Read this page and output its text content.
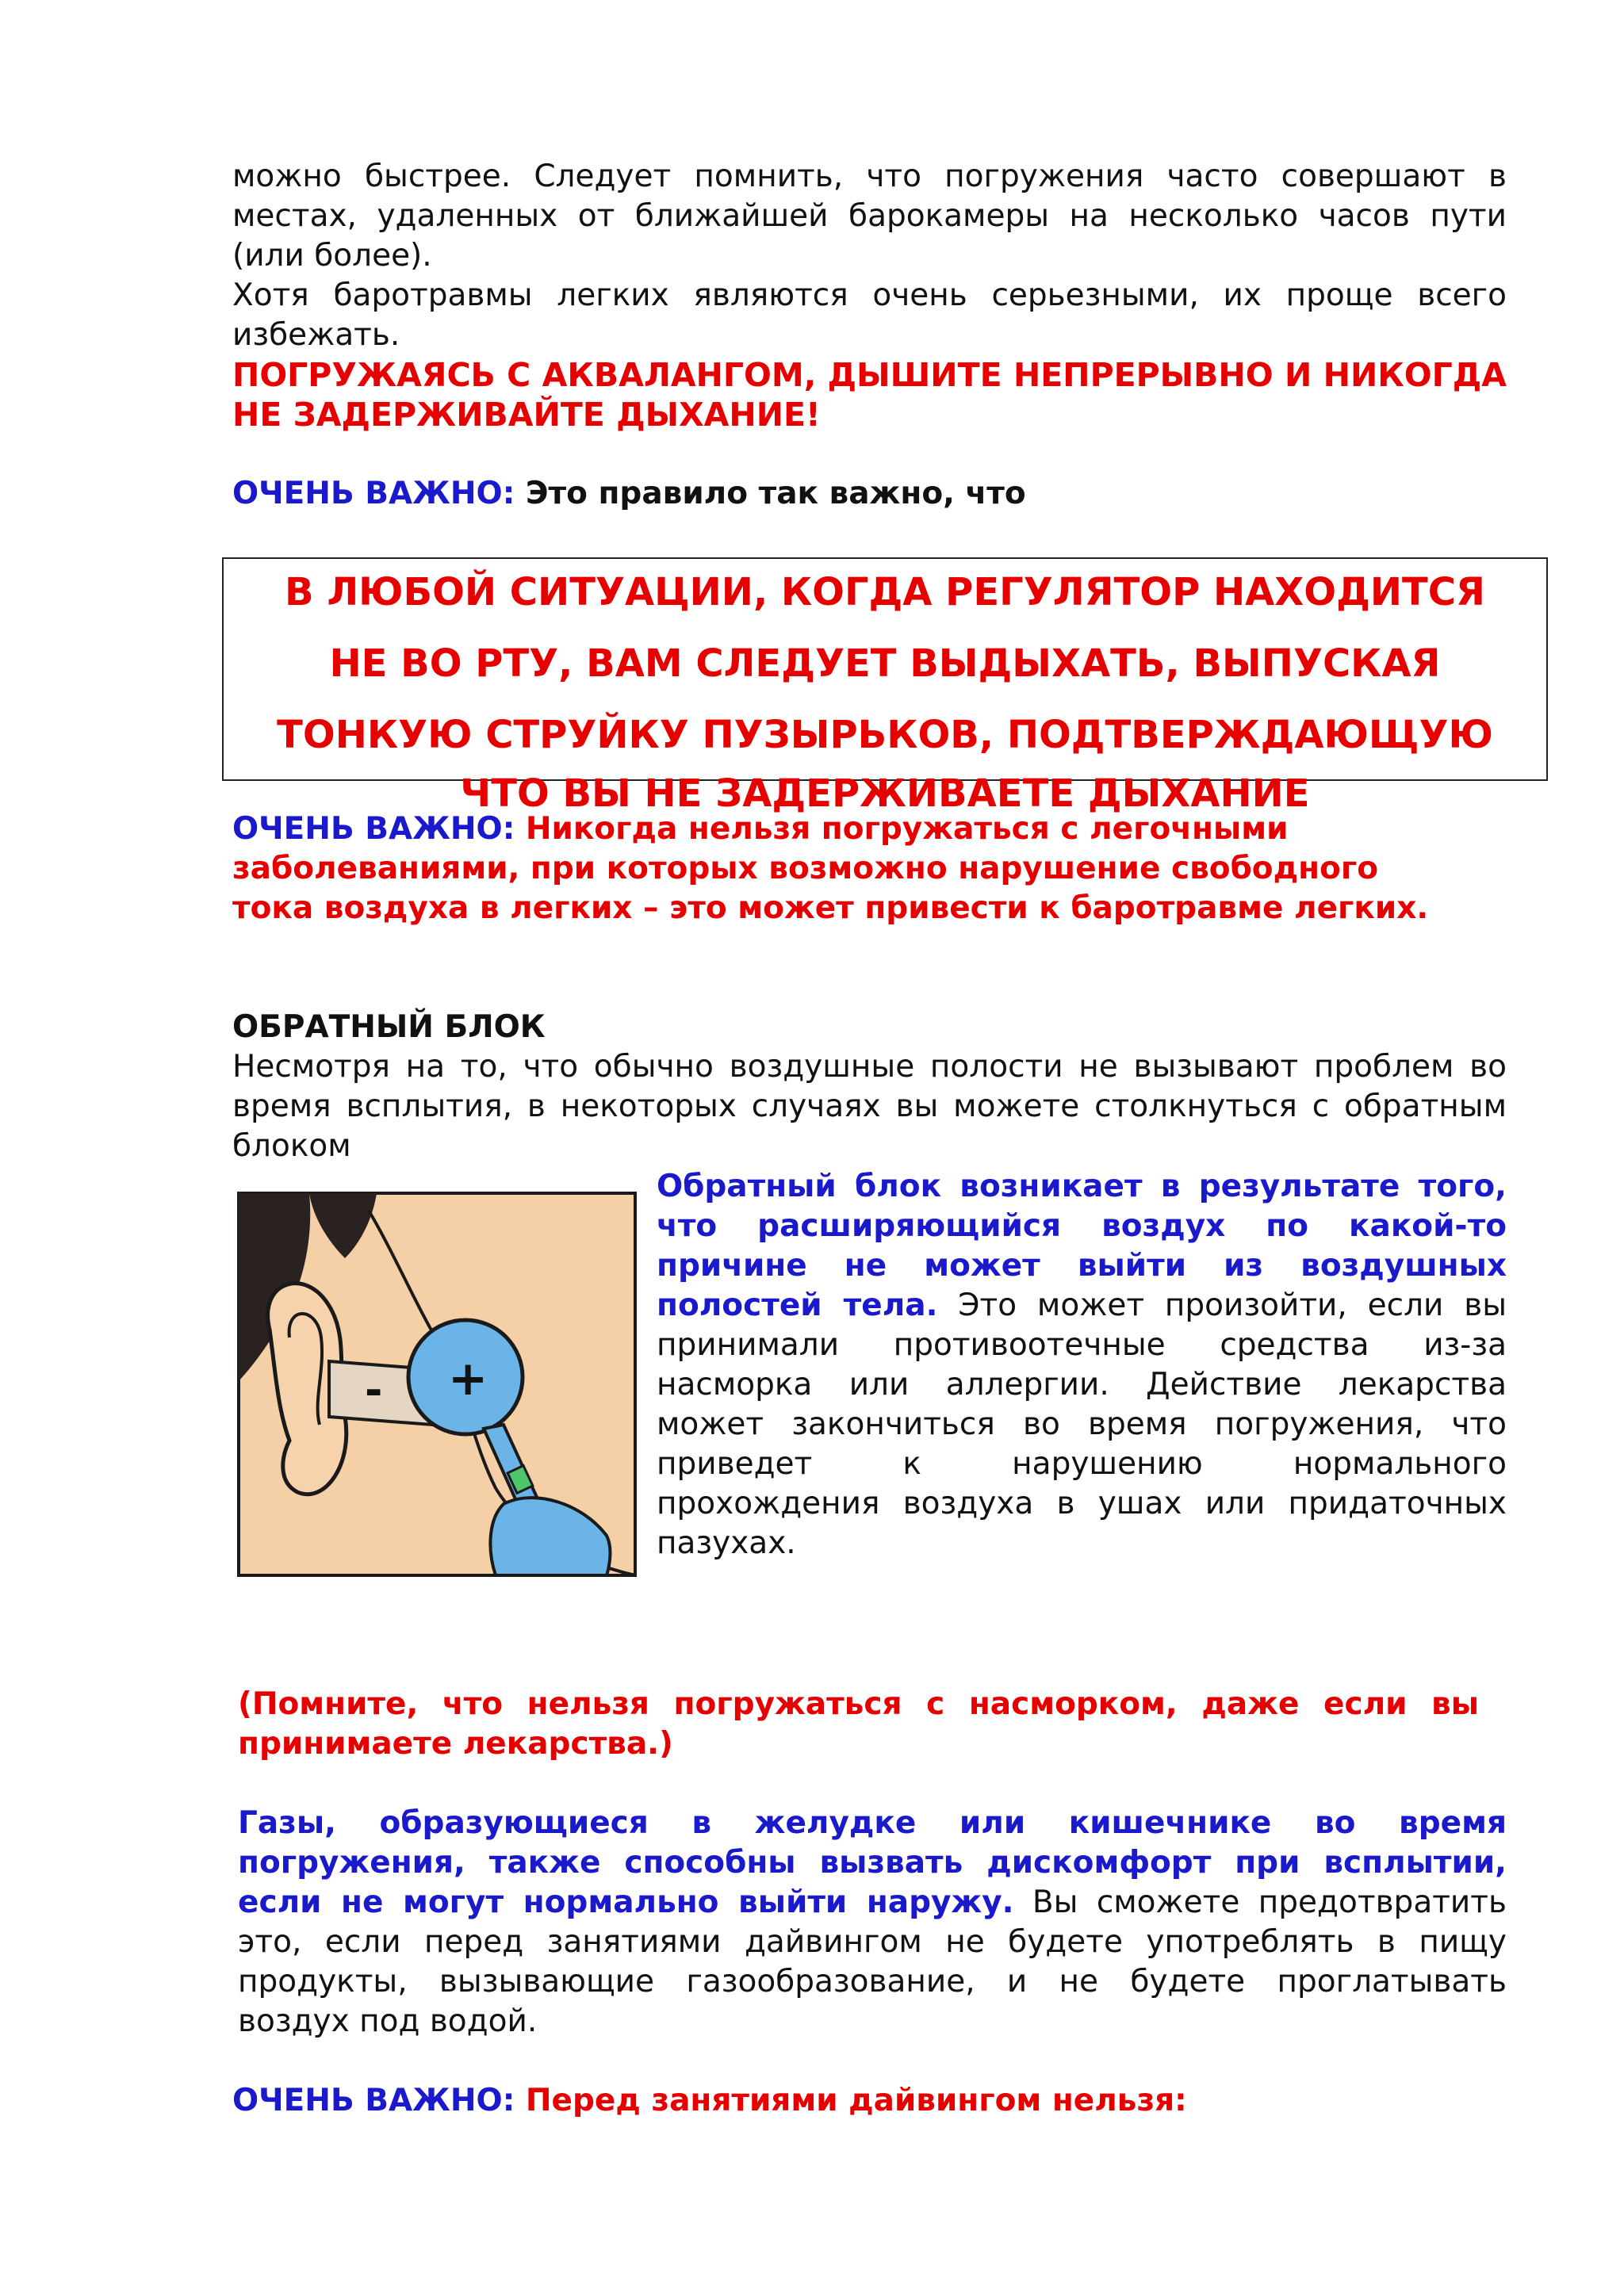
можно быстрее. Следует помнить, что погружения часто совершают в
местах, удаленных от ближайшей барокамеры на несколько часов пути
(или более).
Хотя баротравмы легких являются очень серьезными, их проще всего
избежать.
ПОГРУЖАЯСЬ С АКВАЛАНГОМ, ДЫШИТЕ НЕПРЕРЫВНО И НИКОГДА
НЕ ЗАДЕРЖИВАЙТЕ ДЫХАНИЕ!
ОЧЕНЬ ВАЖНО: Это правило так важно, что
В ЛЮБОЙ СИТУАЦИИ, КОГДА РЕГУЛЯТОР НАХОДИТСЯ
НЕ ВО РТУ, ВАМ СЛЕДУЕТ ВЫДЫХАТЬ, ВЫПУСКАЯ
ТОНКУЮ СТРУЙКУ ПУЗЫРЬКОВ, ПОДТВЕРЖДАЮЩУЮ
ЧТО ВЫ НЕ ЗАДЕРЖИВАЕТЕ ДЫХАНИЕ
ОЧЕНЬ ВАЖНО: Никогда нельзя погружаться с легочными
заболеваниями, при которых возможно нарушение свободного
тока воздуха в легких – это может привести к баротравме легких.
ОБРАТНЫЙ БЛОК
Несмотря на то, что обычно воздушные полости не вызывают проблем во
время всплытия, в некоторых случаях вы можете столкнуться с обратным
блоком
- +
Обратный блок возникает в результате того,
что расширяющийся воздух по какой-то
причине не может выйти из воздушных
полостей тела. Это может произойти, если вы
принимали противоотечные средства из-за
насморка или аллергии. Действие лекарства
может закончиться во время погружения, что
приведет к нарушению нормального
прохождения воздуха в ушах или придаточных
пазухах.
(Помните, что нельзя погружаться с насморком, даже если вы
принимаете лекарства.)
Газы, образующиеся в желудке или кишечнике во время
погружения, также способны вызвать дискомфорт при всплытии,
если не могут нормально выйти наружу. Вы сможете предотвратить
это, если перед занятиями дайвингом не будете употреблять в пищу
продукты, вызывающие газообразование, и не будете проглатывать
воздух под водой.
ОЧЕНЬ ВАЖНО: Перед занятиями дайвингом нельзя:
